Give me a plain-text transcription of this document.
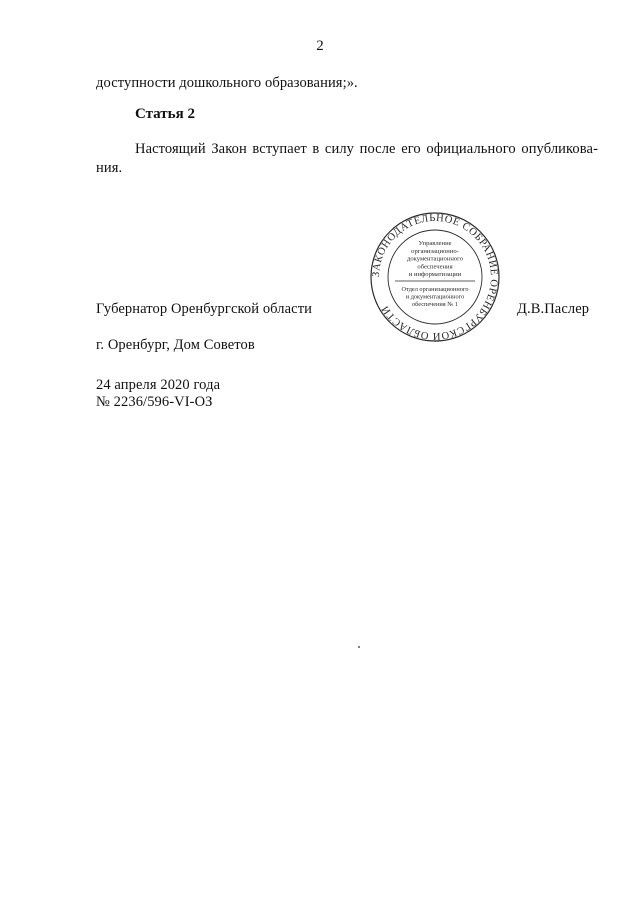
2
доступности дошкольного образования;».
Статья 2
Настоящий Закон вступает в силу после его официального опубликова-
ния.
ЗАКОНОДАТЕЛЬНОЕ СОБРАНИЕ ОРЕНБУРГСКОЙ ОБЛАСТИ
Управление
организационно-
документационного
обеспечения
и информатизации
Отдел организационного
и документационного
обеспечения № 1
Губернатор Оренбургской области	Д.В.Паслер
г. Оренбург, Дом Советов
24 апреля 2020 года
№ 2236/596-VI-ОЗ
